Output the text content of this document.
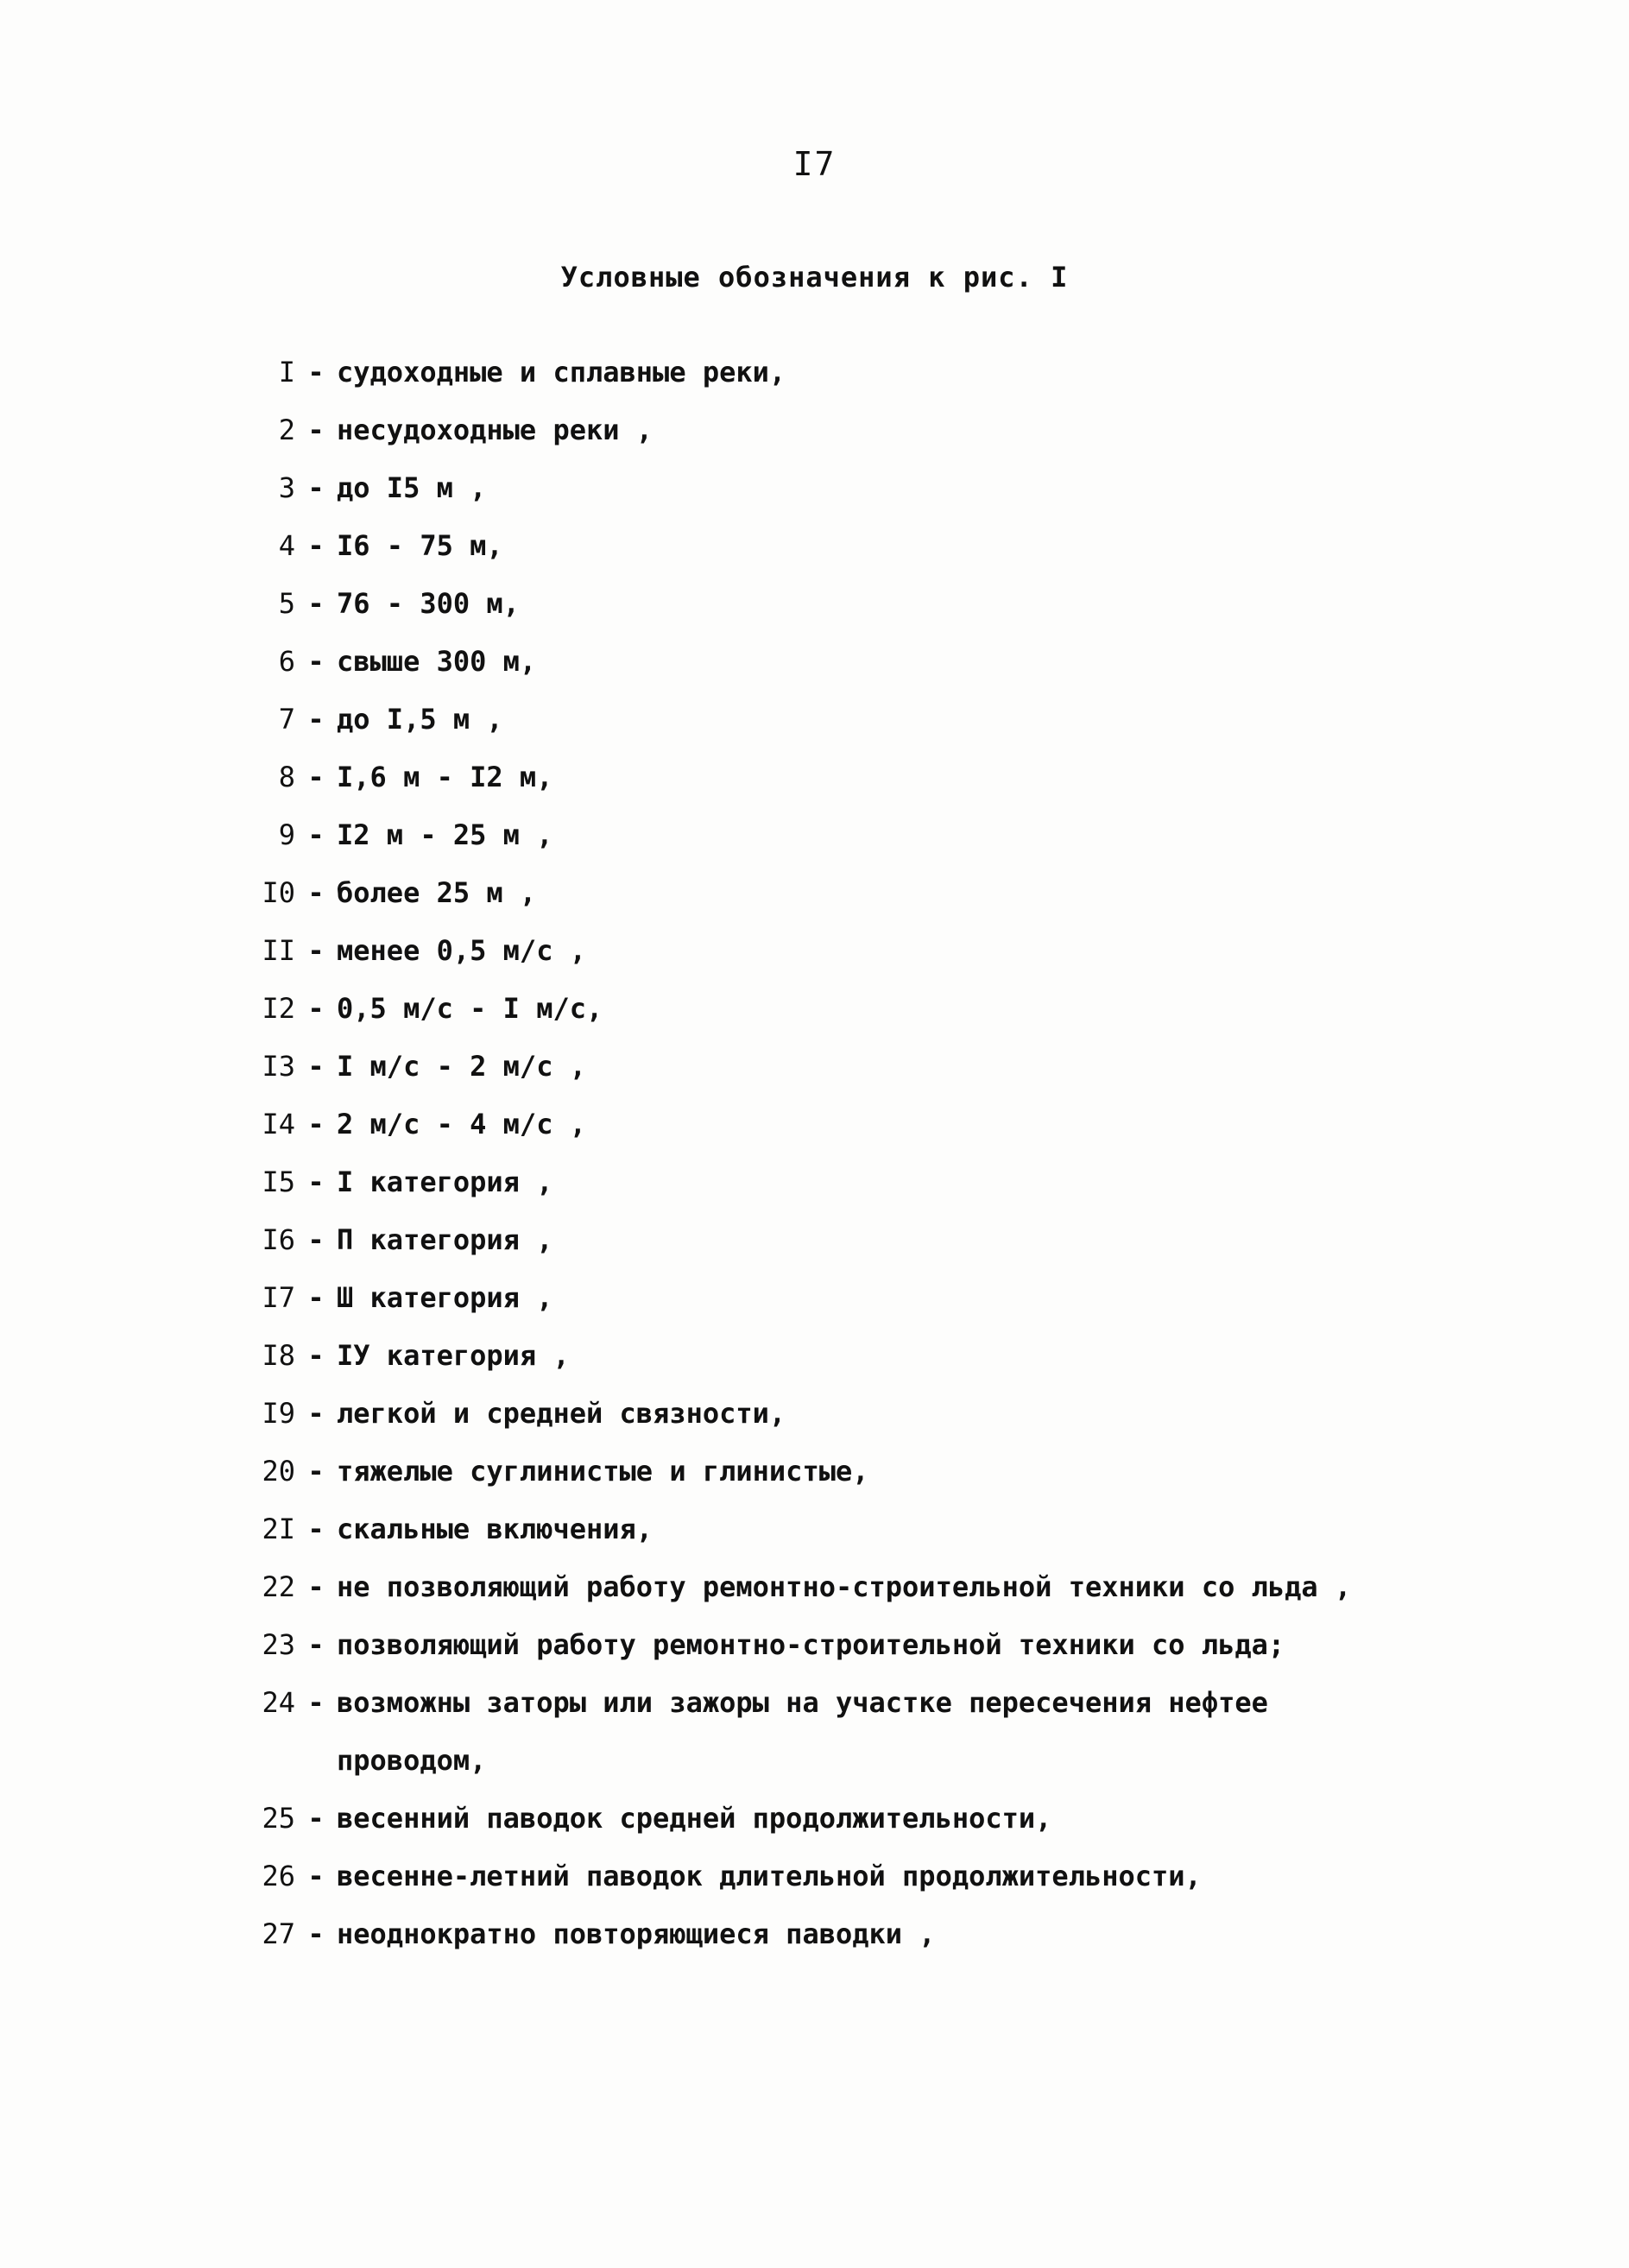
I7
Условные обозначения к рис. I
I - судоходные и сплавные реки,
2 - несудоходные реки ,
3 - до I5 м ,
4 - I6 - 75 м,
5 - 76 - 300 м,
6 - свыше 300 м,
7 - до I,5 м ,
8 - I,6 м - I2 м,
9 - I2 м - 25 м ,
I0 - более 25 м ,
II - менее 0,5 м/с ,
I2 - 0,5 м/с - I м/с,
I3 - I м/с - 2 м/с ,
I4 - 2 м/с - 4 м/с ,
I5 - I категория ,
I6 - П категория ,
I7 - Ш категория ,
I8 - IУ категория ,
I9 - легкой и средней связности,
20 - тяжелые суглинистые и глинистые,
2I - скальные включения,
22 - не позволяющий работу ремонтно-строительной техники со льда ,
23 - позволяющий работу ремонтно-строительной техники со льда;
24 - возможны заторы или зажоры на участке пересечения нефтее проводом,
25 - весенний паводок средней продолжительности,
26 - весенне-летний паводок длительной продолжительности,
27 - неоднократно повторяющиеся паводки ,
